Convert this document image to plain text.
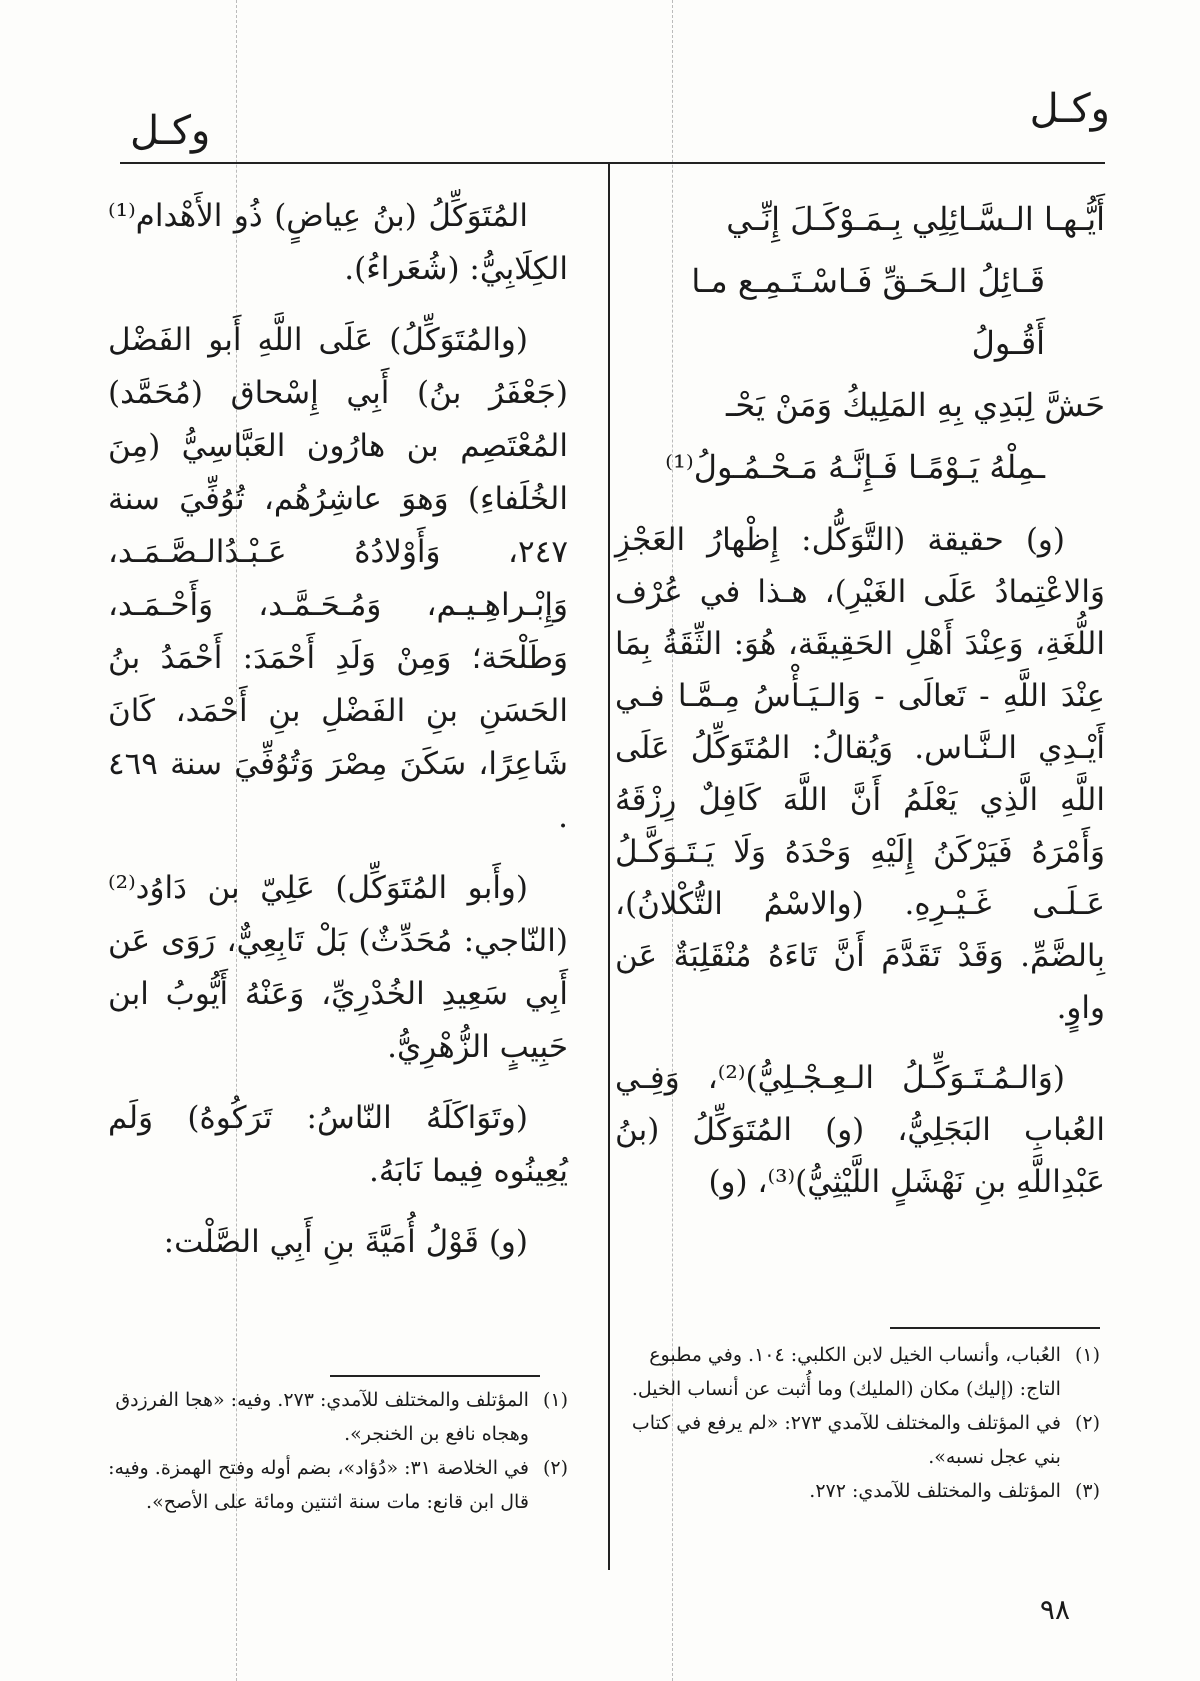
وكـل	وكـل

أَيُّـهـا الـسَّـائِلِي بِـمَـوْكَـلَ إِنِّـي

قَـائِلُ الـحَـقِّ فَـاسْـتَـمِـع مـا أَقُـولُ

حَشَّ لِبَدِي بِهِ المَلِيكُ وَمَنْ يَحْـ

ـمِلْهُ يَـوْمًـا فَـإِنَّـهُ مَـحْـمُـولُ⁽¹⁾

(و) حقيقة (التَّوَكُّل: إِظْهارُ العَجْزِ وَالاعْتِمادُ عَلَى الغَيْرِ)، هـذا في عُرْف اللُّغَةِ، وَعِنْدَ أَهْلِ الحَقِيقَة، هُوَ: الثِّقَةُ بِمَا عِنْدَ اللَّهِ - تَعالَى - وَالـيَـأْسُ مِـمَّـا فـي أَيْـدِي الـنَّـاس. وَيُقالُ: المُتَوَكِّلُ عَلَى اللَّهِ الَّذِي يَعْلَمُ أَنَّ اللَّهَ كَافِلٌ رِزْقَهُ وَأَمْرَهُ فَيَرْكَنُ إِلَيْهِ وَحْدَهُ وَلَا يَـتَـوَكَّـلُ عَـلَـى غَـيْـرِهِ. (والاسْمُ التُّكْلانُ)، بِالضَّمِّ. وَقَدْ تَقَدَّمَ أَنَّ تَاءَهُ مُنْقَلِبَةٌ عَن واوٍ.

(وَالـمُـتَـوَكِّـلُ الـعِـجْـلِيُّ)⁽²⁾، وَفِـي العُبابِ البَجَلِيُّ، (و) المُتَوَكِّلُ (بنُ عَبْدِاللَّهِ بنِ نَهْشَلٍ اللَّيْثِيُّ)⁽³⁾، (و)

المُتَوَكِّلُ (بنُ عِياضٍ) ذُو الأَهْدام⁽¹⁾ الكِلَابِيُّ: (شُعَراءُ).

(والمُتَوَكِّلُ) عَلَى اللَّهِ أَبو الفَضْل (جَعْفَرُ بنُ) أَبِي إِسْحاق (مُحَمَّد) المُعْتَصِم بن هارُون العَبَّاسِيُّ (مِنَ الخُلَفاءِ) وَهوَ عاشِرُهُم، تُوُفِّيَ سنة ٢٤٧، وَأَوْلادُهُ عَـبْـدُالـصَّـمَـد، وَإِبْـراهِـيـم، وَمُـحَـمَّـد، وَأَحْـمَـد، وَطَلْحَة؛ وَمِنْ وَلَدِ أَحْمَدَ: أَحْمَدُ بنُ الحَسَنِ بنِ الفَضْلِ بنِ أَحْمَد، كَانَ شَاعِرًا، سَكَنَ مِصْرَ وَتُوُفِّيَ سنة ٤٦٩ .

(وأَبو المُتَوَكِّل) عَلِيّ بن دَاوُد⁽²⁾ (النّاجي: مُحَدِّثٌ) بَلْ تَابِعِيٌّ، رَوَى عَن أَبِي سَعِيدِ الخُدْرِيِّ، وَعَنْهُ أَيُّوبُ ابن حَبِيبٍ الزُّهْرِيُّ.

(وتَوَاكَلَهُ النّاسُ: تَرَكُوهُ) وَلَم يُعِينُوه فِيما نَابَهُ.

(و) قَوْلُ أُمَيَّةَ بنِ أَبِي الصَّلْت:

(١)
العُباب، وأنساب الخيل لابن الكلبي: ١٠٤. وفي مطبوع التاج: (إليك) مكان (المليك) وما أُثبت عن أنساب الخيل.

(٢)
في المؤتلف والمختلف للآمدي ٢٧٣: «لم يرفع في كتاب بني عجل نسبه».

(٣)
المؤتلف والمختلف للآمدي: ٢٧٢.

(١)
المؤتلف والمختلف للآمدي: ٢٧٣. وفيه: «هجا الفرزدق وهجاه نافع بن الخنجر».

(٢)
في الخلاصة ٣١: «دُؤاد»، بضم أوله وفتح الهمزة. وفيه: قال ابن قانع: مات سنة اثنتين ومائة على الأصح».

٩٨
